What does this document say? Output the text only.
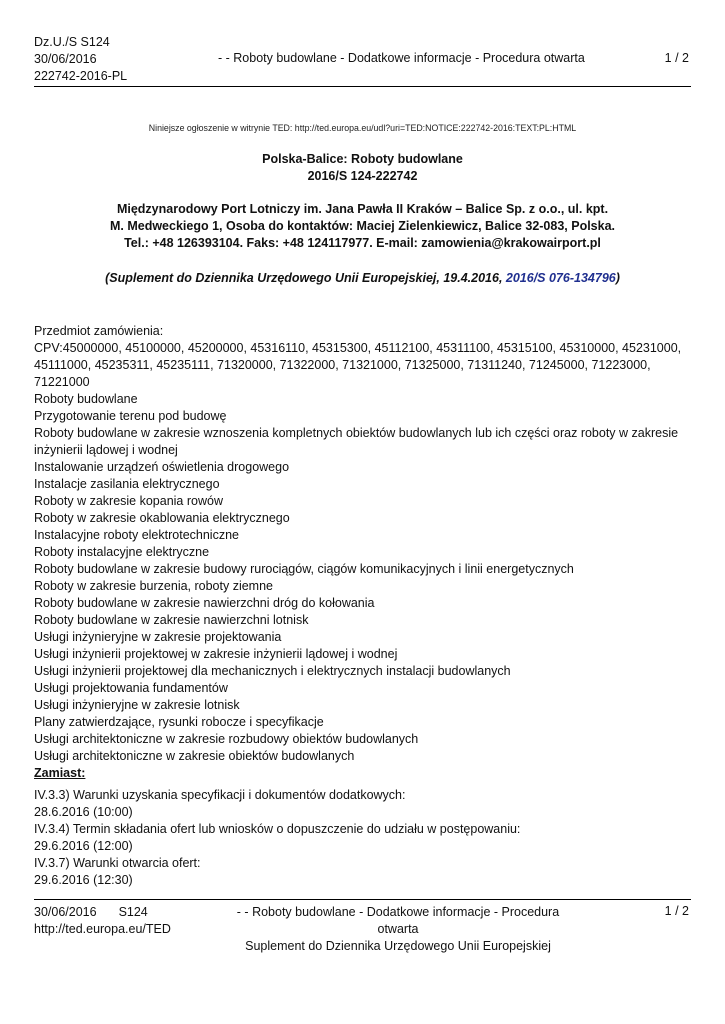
Dz.U./S S124
30/06/2016
222742-2016-PL
- - Roboty budowlane - Dodatkowe informacje - Procedura otwarta	1 / 2
Niniejsze ogłoszenie w witrynie TED: http://ted.europa.eu/udl?uri=TED:NOTICE:222742-2016:TEXT:PL:HTML
Polska-Balice: Roboty budowlane
2016/S 124-222742
Międzynarodowy Port Lotniczy im. Jana Pawła II Kraków – Balice Sp. z o.o., ul. kpt.
M. Medweckiego 1, Osoba do kontaktów: Maciej Zielenkiewicz, Balice 32-083, Polska.
Tel.: +48 126393104. Faks: +48 124117977. E-mail: zamowienia@krakowairport.pl
(Suplement do Dziennika Urzędowego Unii Europejskiej, 19.4.2016, 2016/S 076-134796)
Przedmiot zamówienia:
CPV:45000000, 45100000, 45200000, 45316110, 45315300, 45112100, 45311100, 45315100, 45310000, 45231000,
45111000, 45235311, 45235111, 71320000, 71322000, 71321000, 71325000, 71311240, 71245000, 71223000,
71221000
Roboty budowlane
Przygotowanie terenu pod budowę
Roboty budowlane w zakresie wznoszenia kompletnych obiektów budowlanych lub ich części oraz roboty w zakresie
inżynierii lądowej i wodnej
Instalowanie urządzeń oświetlenia drogowego
Instalacje zasilania elektrycznego
Roboty w zakresie kopania rowów
Roboty w zakresie okablowania elektrycznego
Instalacyjne roboty elektrotechniczne
Roboty instalacyjne elektryczne
Roboty budowlane w zakresie budowy rurociągów, ciągów komunikacyjnych i linii energetycznych
Roboty w zakresie burzenia, roboty ziemne
Roboty budowlane w zakresie nawierzchni dróg do kołowania
Roboty budowlane w zakresie nawierzchni lotnisk
Usługi inżynieryjne w zakresie projektowania
Usługi inżynierii projektowej w zakresie inżynierii lądowej i wodnej
Usługi inżynierii projektowej dla mechanicznych i elektrycznych instalacji budowlanych
Usługi projektowania fundamentów
Usługi inżynieryjne w zakresie lotnisk
Plany zatwierdzające, rysunki robocze i specyfikacje
Usługi architektoniczne w zakresie rozbudowy obiektów budowlanych
Usługi architektoniczne w zakresie obiektów budowlanych
Zamiast:
IV.3.3) Warunki uzyskania specyfikacji i dokumentów dodatkowych:
28.6.2016 (10:00)
IV.3.4) Termin składania ofert lub wniosków o dopuszczenie do udziału w postępowaniu:
29.6.2016 (12:00)
IV.3.7) Warunki otwarcia ofert:
29.6.2016 (12:30)
30/06/2016 S124
http://ted.europa.eu/TED
- - Roboty budowlane - Dodatkowe informacje - Procedura otwarta
Suplement do Dziennika Urzędowego Unii Europejskiej
1 / 2
